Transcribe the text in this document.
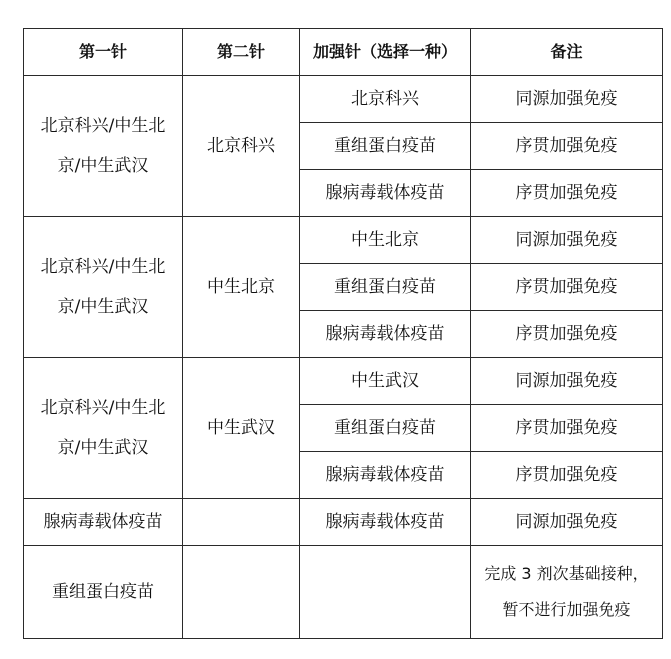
第一针	第二针	加强针（选择一种）	备注

北京科兴/中生北京/中生武汉	北京科兴	北京科兴	同源加强免疫
		重组蛋白疫苗	序贯加强免疫
		腺病毒载体疫苗	序贯加强免疫

北京科兴/中生北京/中生武汉	中生北京	中生北京	同源加强免疫
		重组蛋白疫苗	序贯加强免疫
		腺病毒载体疫苗	序贯加强免疫

北京科兴/中生北京/中生武汉	中生武汉	中生武汉	同源加强免疫
		重组蛋白疫苗	序贯加强免疫
		腺病毒载体疫苗	序贯加强免疫
腺病毒载体疫苗		腺病毒载体疫苗	同源加强免疫
重组蛋白疫苗			完成 3 剂次基础接种，
暂不进行加强免疫
